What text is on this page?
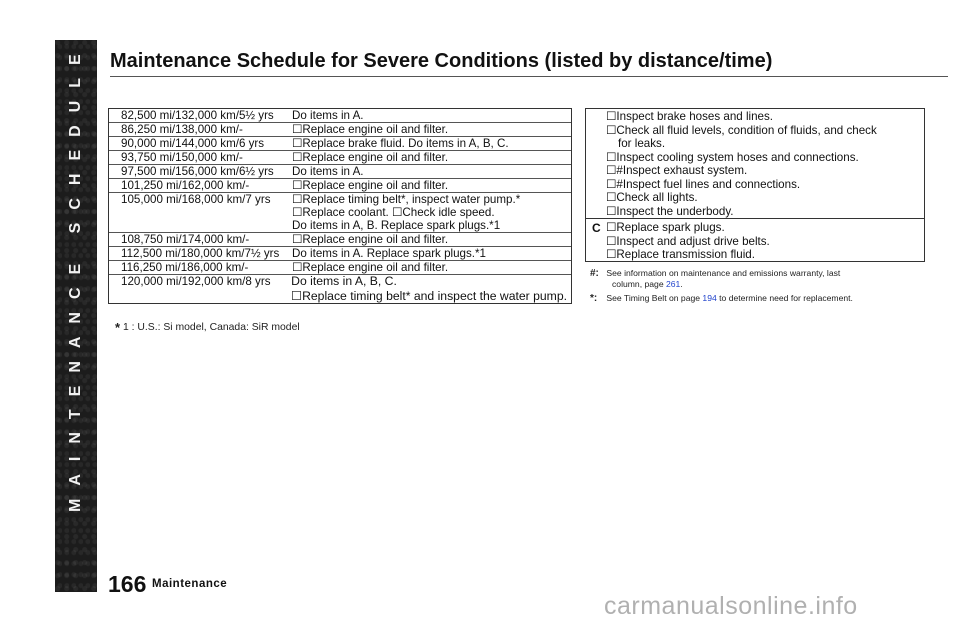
MAINTENANCE SCHEDULE	Maintenance Schedule for Severe Conditions (listed by distance/time)
82,500 mi/132,000 km/5½ yrs	Do items in A.
86,250 mi/138,000 km/-	☐Replace engine oil and filter.
90,000 mi/144,000 km/6 yrs	☐Replace brake fluid. Do items in A, B, C.
93,750 mi/150,000 km/-	☐Replace engine oil and filter.
97,500 mi/156,000 km/6½ yrs	Do items in A.
101,250 mi/162,000 km/-	☐Replace engine oil and filter.
105,000 mi/168,000 km/7 yrs	☐Replace timing belt*, inspect water pump.*
☐Replace coolant. ☐Check idle speed.
Do items in A, B. Replace spark plugs.*1
108,750 mi/174,000 km/-	☐Replace engine oil and filter.
112,500 mi/180,000 km/7½ yrs	Do items in A. Replace spark plugs.*1
116,250 mi/186,000 km/-	☐Replace engine oil and filter.
120,000 mi/192,000 km/8 yrs	Do items in A, B, C.
☐Replace timing belt* and inspect the water pump.
☐Inspect brake hoses and lines.
☐Check all fluid levels, condition of fluids, and check
for leaks.
☐Inspect cooling system hoses and connections.
☐#Inspect exhaust system.
☐#Inspect fuel lines and connections.
☐Check all lights.
☐Inspect the underbody.
C ☐Replace spark plugs.
☐Inspect and adjust drive belts.
☐Replace transmission fluid.
#: See information on maintenance and emissions warranty, last
column, page 261.
*: See Timing Belt on page 194 to determine need for replacement.
* 1 : U.S.: Si model, Canada: SiR model
166 Maintenance
carmanualsonline.info
